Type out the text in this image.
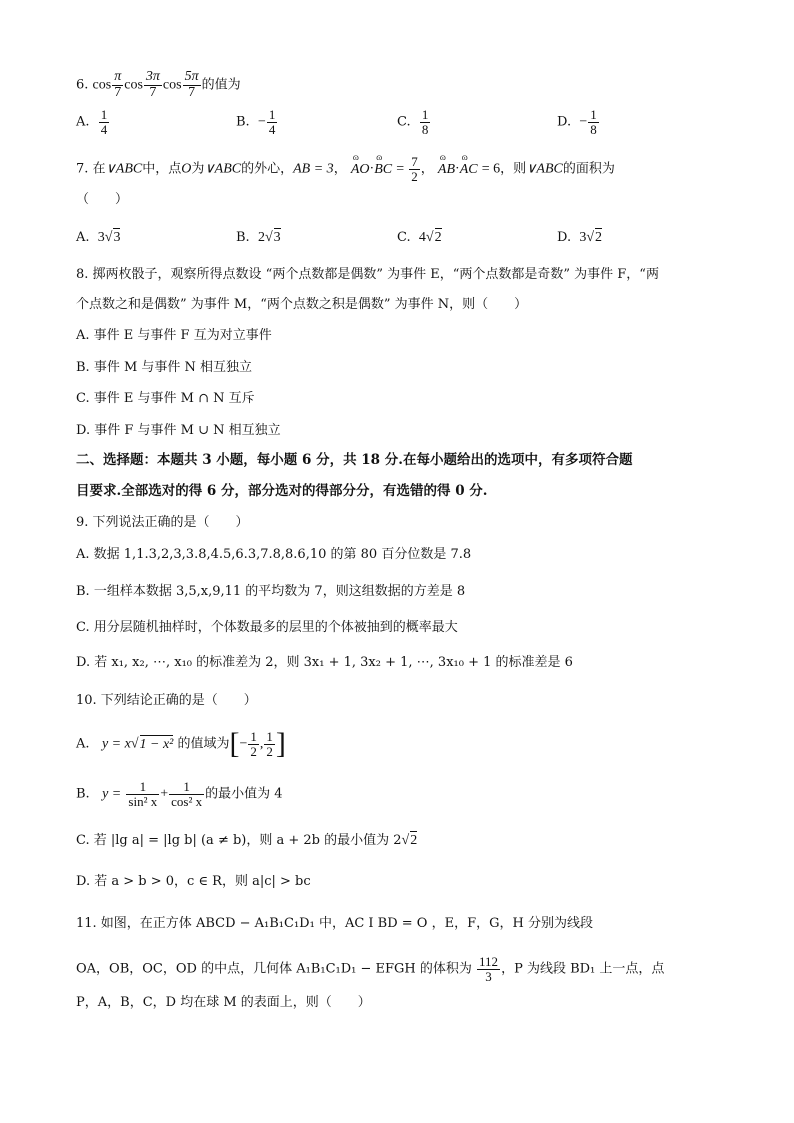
6. $\cos \frac{\pi}{7}$ $\cos \frac{3\pi}{7}$ $\cos \frac{5\pi}{7}$ 的值为
A. $\frac{1}{4}$	B. − $\frac{1}{4}$	C. $\frac{1}{8}$	D. − $\frac{1}{8}$
7. 在∨ABC中，点O为∨ABC的外心，AB = 3， ɷ AO·ɷ BC = $\frac{7}{2}$ ， ɷ AB·ɷ AC = 6，则∨ABC的面积为
（　　）
A. 3√3	B. 2√3	C. 4√2	D. 3√2
8. 掷两枚骰子，观察所得点数设 “两个点数都是偶数” 为事件 E，“两个点数都是奇数” 为事件 F，“两
个点数之和是偶数” 为事件 M，“两个点数之积是偶数” 为事件 N，则（　　）
A. 事件 E 与事件 F 互为对立事件
B. 事件 M 与事件 N 相互独立
C. 事件 E 与事件 M ∩ N 互斥
D. 事件 F 与事件 M ∪ N 相互独立
二、选择题：本题共 3 小题，每小题 6 分，共 18 分.在每小题给出的选项中，有多项符合题
目要求.全部选对的得 6 分，部分选对的得部分分，有选错的得 0 分.
9. 下列说法正确的是（　　）
A. 数据 1,1.3,2,3,3.8,4.5,6.3,7.8,8.6,10 的第 80 百分位数是 7.8
B. 一组样本数据 3,5,x,9,11 的平均数为 7，则这组数据的方差是 8
C. 用分层随机抽样时，个体数最多的层里的个体被抽到的概率最大
D. 若 x₁, x₂, ⋯, x₁₀ 的标准差为 2，则 3x₁ + 1, 3x₂ + 1, ⋯, 3x₁₀ + 1 的标准差是 6
10. 下列结论正确的是（　　）
A. y = x√1 − x² 的值域为[− $\frac{1}{2}$ , $\frac{1}{2}$ ]
B. $y = \frac{1}{\text{sin² x}} + \frac{1}{\text{cos² x}}$ 的最小值为 4
C. 若 |lg a| = |lg b| (a ≠ b)，则 a + 2b 的最小值为 2√2
D. 若 a > b > 0，c ∈ R，则 a|c| > bc
11. 如图，在正方体 ABCD − A₁B₁C₁D₁ 中，AC I BD = O ，E，F，G，H 分别为线段
OA，OB，OC，OD 的中点，几何体 A₁B₁C₁D₁ − EFGH 的体积为 $\frac{112}{3}$ ，P 为线段 BD₁ 上一点，点
P，A，B，C，D 均在球 M 的表面上，则（　　）
